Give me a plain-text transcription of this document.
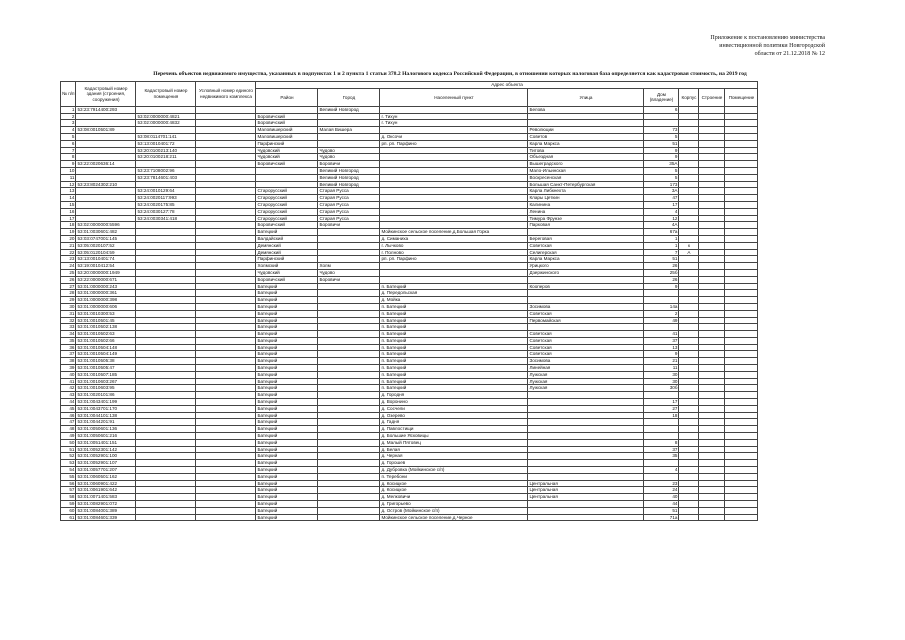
Приложение к постановлению министерства
инвестиционной политики Новгородской
области от 21.12.2018 № 12
Перечень объектов недвижимого имущества, указанных в подпунктах 1 и 2 пункта 1 статьи 378.2 Налогового кодекса Российской Федерации, в отношении которых налоговая база определяется как кадастровая стоимость, на 2019 год
№ п/п	Кадастровый номер здания (строения, сооружения)	Кадастровый номер помещения	Условный номер единого недвижимого комплекса	Адрес объекта							
				Район	Город	Населенный пункт	Улица	Дом (владение)	Корпус	Строение	Помещение
1	53:23:7914400:293				Великий Новгород		Белова	6			
2		53:02:0000000:4821		Боровичский		г. Тихун					
3		53:02:0000000:4832		Боровичский		г. Тихун					
4	53:08:0010501:89			Маловишерский	Малая Вишера		Революции	73			
5		53:08:0114701:141		Маловишерский		д. Оксочи	Советов	5			
6		53:13:0010401:72		Парфинский		рп. рп. Парфино	Карла Маркса	51			
7		53:20:0100213:140		Чудовский	Чудово		Титова	9			
8		53:20:0100218:211		Чудовский	Чудово		Объездная	9			
9	53:22:0020636:14			Боровичский	Боровичи		Вышеградского	35А			
10		53:23:7108002:96			Великий Новгород		Мало-Ильинская	5			
11		53:23:7814601:403			Великий Новгород		Воскресенская	5			
12	53:23:8024302:210				Великий Новгород		Большая Санкт-Петербургская	173			
13		53:24:0010129:64		Старорусский	Старая Русса		Карла Либкнехта	3А			
14		53:24:0020117:993		Старорусский	Старая Русса		Клары Цеткин	47			
15		53:24:0020175:85		Старорусский	Старая Русса		Калинина	17			
16		53:24:0030127:78		Старорусский	Старая Русса		Ленина	4			
17		53:24:0030341:418		Старорусский	Старая Русса		Тимура Фрунзе	12			
18	53:02:0000000:5596			Боровичский	Боровичи		Парковая	4А			
19	53:01:0030601:482			Батецкий		Мойкинское сельское поселение,д.Большая Горка		67а			
20	53:03:0747001:145			Валдайский		д. Симаниха	Береговая	1			
21	53:05:0020107:52			Демянский		г. Лычково	Советская	1	к		
22	53:05:0120104:59			Демянский		г. Полновo	Селигерская	7	А		
23	53:13:0010401:74			Парфинский		рп. рп. Парфино	Карла Маркса	51			
24	53:19:0010412:54			Холмский	Холм		Урицкого	26			
25	53:20:0000000:1949			Чудовский	Чудово		Дзержинского	25б			
26	53:22:0000000:671			Боровичский	Боровичи			26			
27	53:01:0000000:243			Батецкий		п. Батецкий	Кооперов	9			
28	53:01:0000000:361			Батецкий		д. Передольская					
29	53:01:0000000:398			Батецкий		д. Мойка					
30	53:01:0000000:606			Батецкий		п. Батецкий	Зосимова	14а			
31	53:01:0010300:53			Батецкий		п. Батецкий	Советская	2			
32	53:01:0010501:45			Батецкий		п. Батецкий	Первомайская	49			
33	53:01:0010502:138			Батецкий		п. Батецкий					
34	53:01:0010502:63			Батецкий		п. Батецкий	Советская	41			
35	53:01:0010502:66			Батецкий		п. Батецкий	Советская	37			
36	53:01:0010504:148			Батецкий		п. Батецкий	Советская	13			
37	53:01:0010504:149			Батецкий		п. Батецкий	Советская	9			
38	53:01:0010505:38			Батецкий		п. Батецкий	Зосимова	21			
39	53:01:0010505:47			Батецкий		п. Батецкий	Линейная	11			
40	53:01:0010507:185			Батецкий		п. Батецкий	Лужская	30			
41	53:01:0010603:267			Батецкий		п. Батецкий	Лужская	30			
42	53:01:0010603:95			Батецкий		п. Батецкий	Лужская	30б			
43	53:01:0020101:86			Батецкий		д. Городня					
44	53:01:0043401:199			Батецкий		д. Воронино		17			
45	53:01:0043701:170			Батецкий		д. Сосчели		27			
46	53:01:0044101:138			Батецкий		д. Озерево		18			
47	53:01:0044201:91			Батецкий		д. Гадня					
48	53:01:0050601:136			Батецкий		д. Павлостищи					
49	53:01:0050601:216			Батецкий		д. Большие Ясковицы					
50	53:01:0051401:151			Батецкий		д. Малый Пятовец		8			
51	53:01:0052301:142			Батецкий		д. Белая		37			
52	53:01:0052901:100			Батецкий		д. Черная		35			
53	53:01:0052901:107			Батецкий		д. Горошев					
54	53:01:0057701:207			Батецкий		д. Дубровка (Мойкинское с/п)		4			
55	53:01:0060501:162			Батецкий		п. Теребони					
56	53:01:0060901:422			Батецкий		д. Косицкое	Центральная	23			
57	53:01:0061901:642			Батецкий		д. Косицкое	Центральная	24			
58	53:01:0071401:583			Батецкий		д. Мелковичи	Центральная	40			
59	53:01:0082901:072			Батецкий		д. Григорьево		44			
60	53:01:0084001:389			Батецкий		д. Остров (Мойкинское с/п)		51			
61	53:01:0084601:339			Батецкий		Мойкинское сельское поселение,д.Черное		71а			
